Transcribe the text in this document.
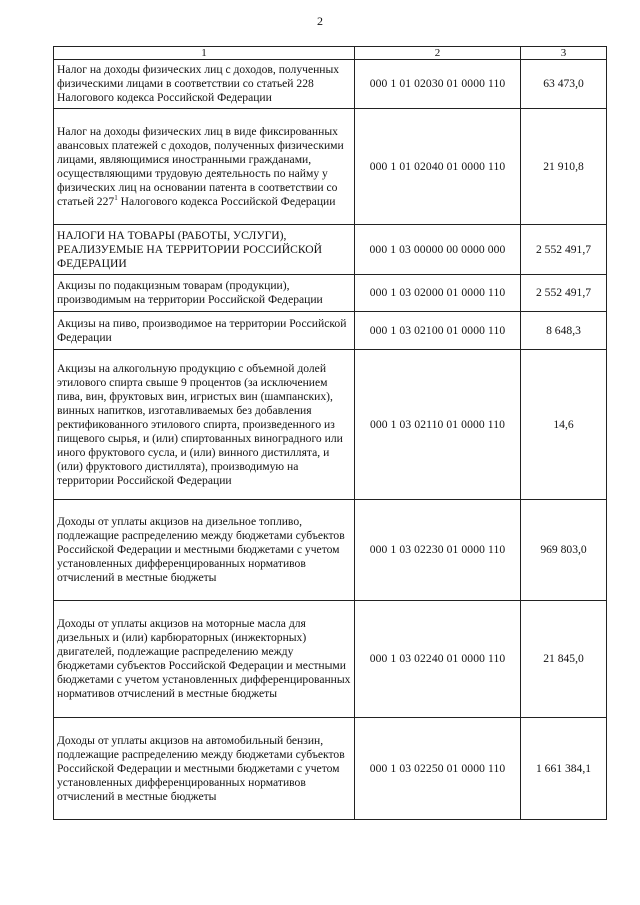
2
1	2	3
Налог на доходы физических лиц с доходов, полученных физическими лицами в соответствии со статьей 228 Налогового кодекса Российской Федерации	000 1 01 02030 01 0000 110	63 473,0
Налог на доходы физических лиц в виде фиксированных авансовых платежей с доходов, полученных физическими лицами, являющимися иностранными гражданами, осуществляющими трудовую деятельность по найму у физических лиц на основании патента в соответствии со статьей $227^1$ Налогового кодекса Российской Федерации	000 1 01 02040 01 0000 110	21 910,8
НАЛОГИ НА ТОВАРЫ (РАБОТЫ, УСЛУГИ), РЕАЛИЗУЕМЫЕ НА ТЕРРИТОРИИ РОССИЙСКОЙ ФЕДЕРАЦИИ	000 1 03 00000 00 0000 000	2 552 491,7
Акцизы по подакцизным товарам (продукции), производимым на территории Российской Федерации	000 1 03 02000 01 0000 110	2 552 491,7
Акцизы на пиво, производимое на территории Российской Федерации	000 1 03 02100 01 0000 110	8 648,3
Акцизы на алкогольную продукцию с объемной долей этилового спирта свыше 9 процентов (за исключением пива, вин, фруктовых вин, игристых вин (шампанских), винных напитков, изготавливаемых без добавления ректификованного этилового спирта, произведенного из пищевого сырья, и (или) спиртованных виноградного или иного фруктового сусла, и (или) винного дистиллята, и (или) фруктового дистиллята), производимую на территории Российской Федерации	000 1 03 02110 01 0000 110	14,6
Доходы от уплаты акцизов на дизельное топливо, подлежащие распределению между бюджетами субъектов Российской Федерации и местными бюджетами с учетом установленных дифференцированных нормативов отчислений в местные бюджеты	000 1 03 02230 01 0000 110	969 803,0
Доходы от уплаты акцизов на моторные масла для дизельных и (или) карбюраторных (инжекторных) двигателей, подлежащие распределению между бюджетами субъектов Российской Федерации и местными бюджетами с учетом установленных дифференцированных нормативов отчислений в местные бюджеты	000 1 03 02240 01 0000 110	21 845,0
Доходы от уплаты акцизов на автомобильный бензин, подлежащие распределению между бюджетами субъектов Российской Федерации и местными бюджетами с учетом установленных дифференцированных нормативов отчислений в местные бюджеты	000 1 03 02250 01 0000 110	1 661 384,1
